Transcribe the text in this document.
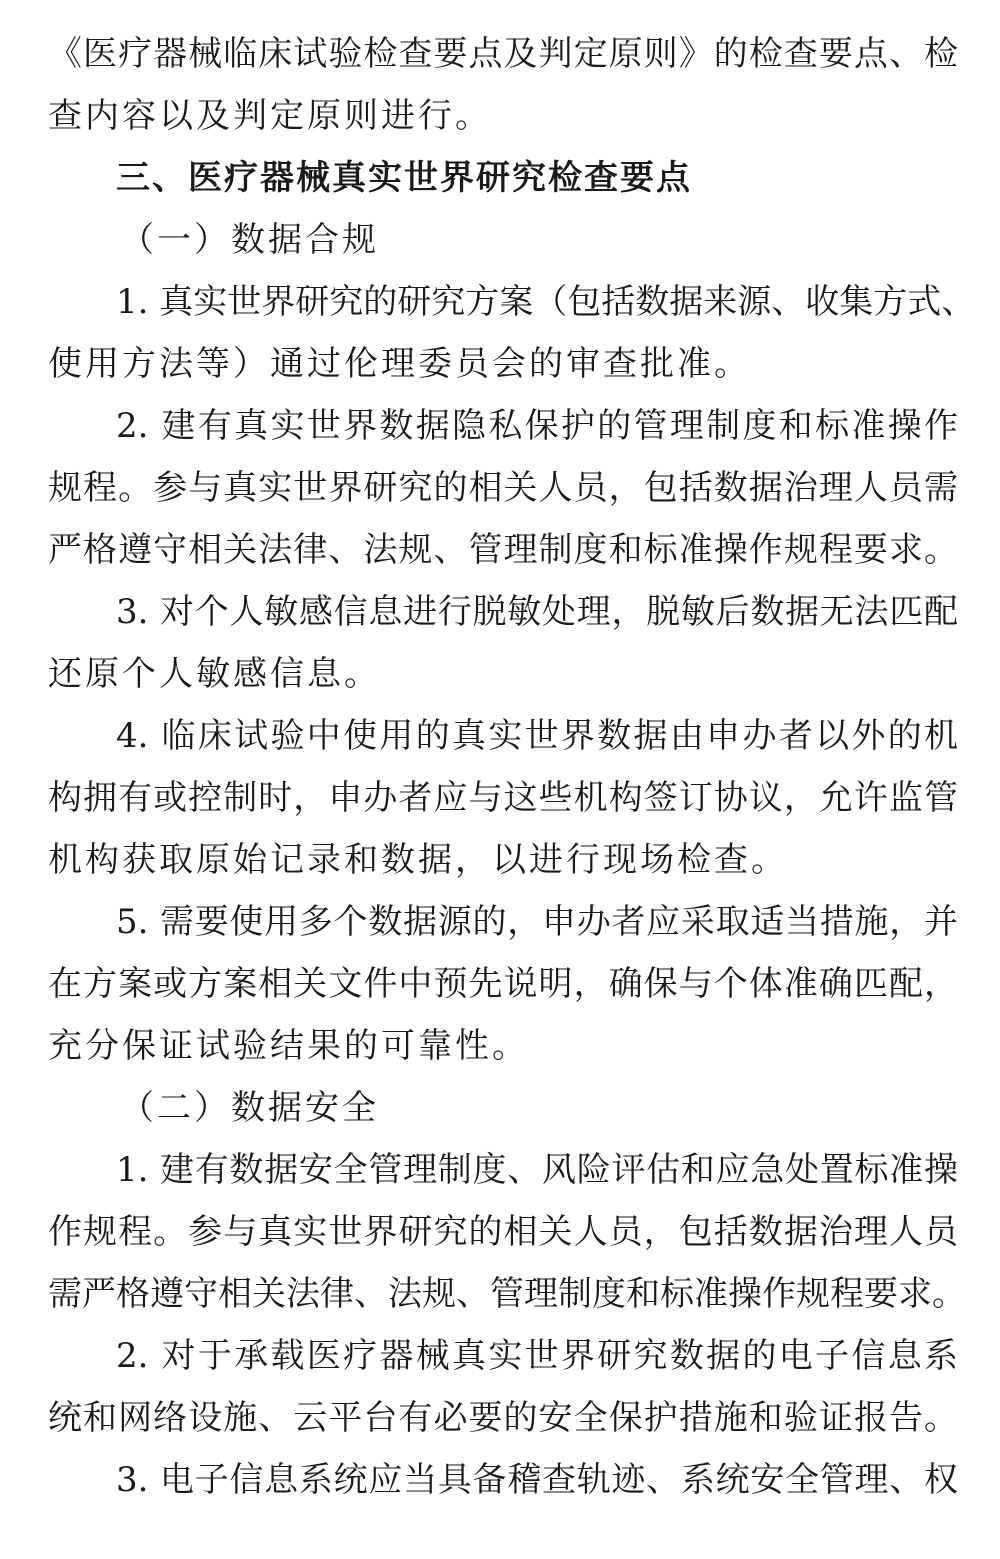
《医疗器械临床试验检查要点及判定原则》的检查要点、检
查内容以及判定原则进行。
三、医疗器械真实世界研究检查要点
（一）数据合规
1. 真实世界研究的研究方案（包括数据来源、收集方式、
使用方法等）通过伦理委员会的审查批准。
2. 建有真实世界数据隐私保护的管理制度和标准操作
规程。参与真实世界研究的相关人员，包括数据治理人员需
严格遵守相关法律、法规、管理制度和标准操作规程要求。
3. 对个人敏感信息进行脱敏处理，脱敏后数据无法匹配
还原个人敏感信息。
4. 临床试验中使用的真实世界数据由申办者以外的机
构拥有或控制时，申办者应与这些机构签订协议，允许监管
机构获取原始记录和数据，以进行现场检查。
5. 需要使用多个数据源的，申办者应采取适当措施，并
在方案或方案相关文件中预先说明，确保与个体准确匹配，
充分保证试验结果的可靠性。
（二）数据安全
1. 建有数据安全管理制度、风险评估和应急处置标准操
作规程。参与真实世界研究的相关人员，包括数据治理人员
需严格遵守相关法律、法规、管理制度和标准操作规程要求。
2. 对于承载医疗器械真实世界研究数据的电子信息系
统和网络设施、云平台有必要的安全保护措施和验证报告。
3. 电子信息系统应当具备稽查轨迹、系统安全管理、权
